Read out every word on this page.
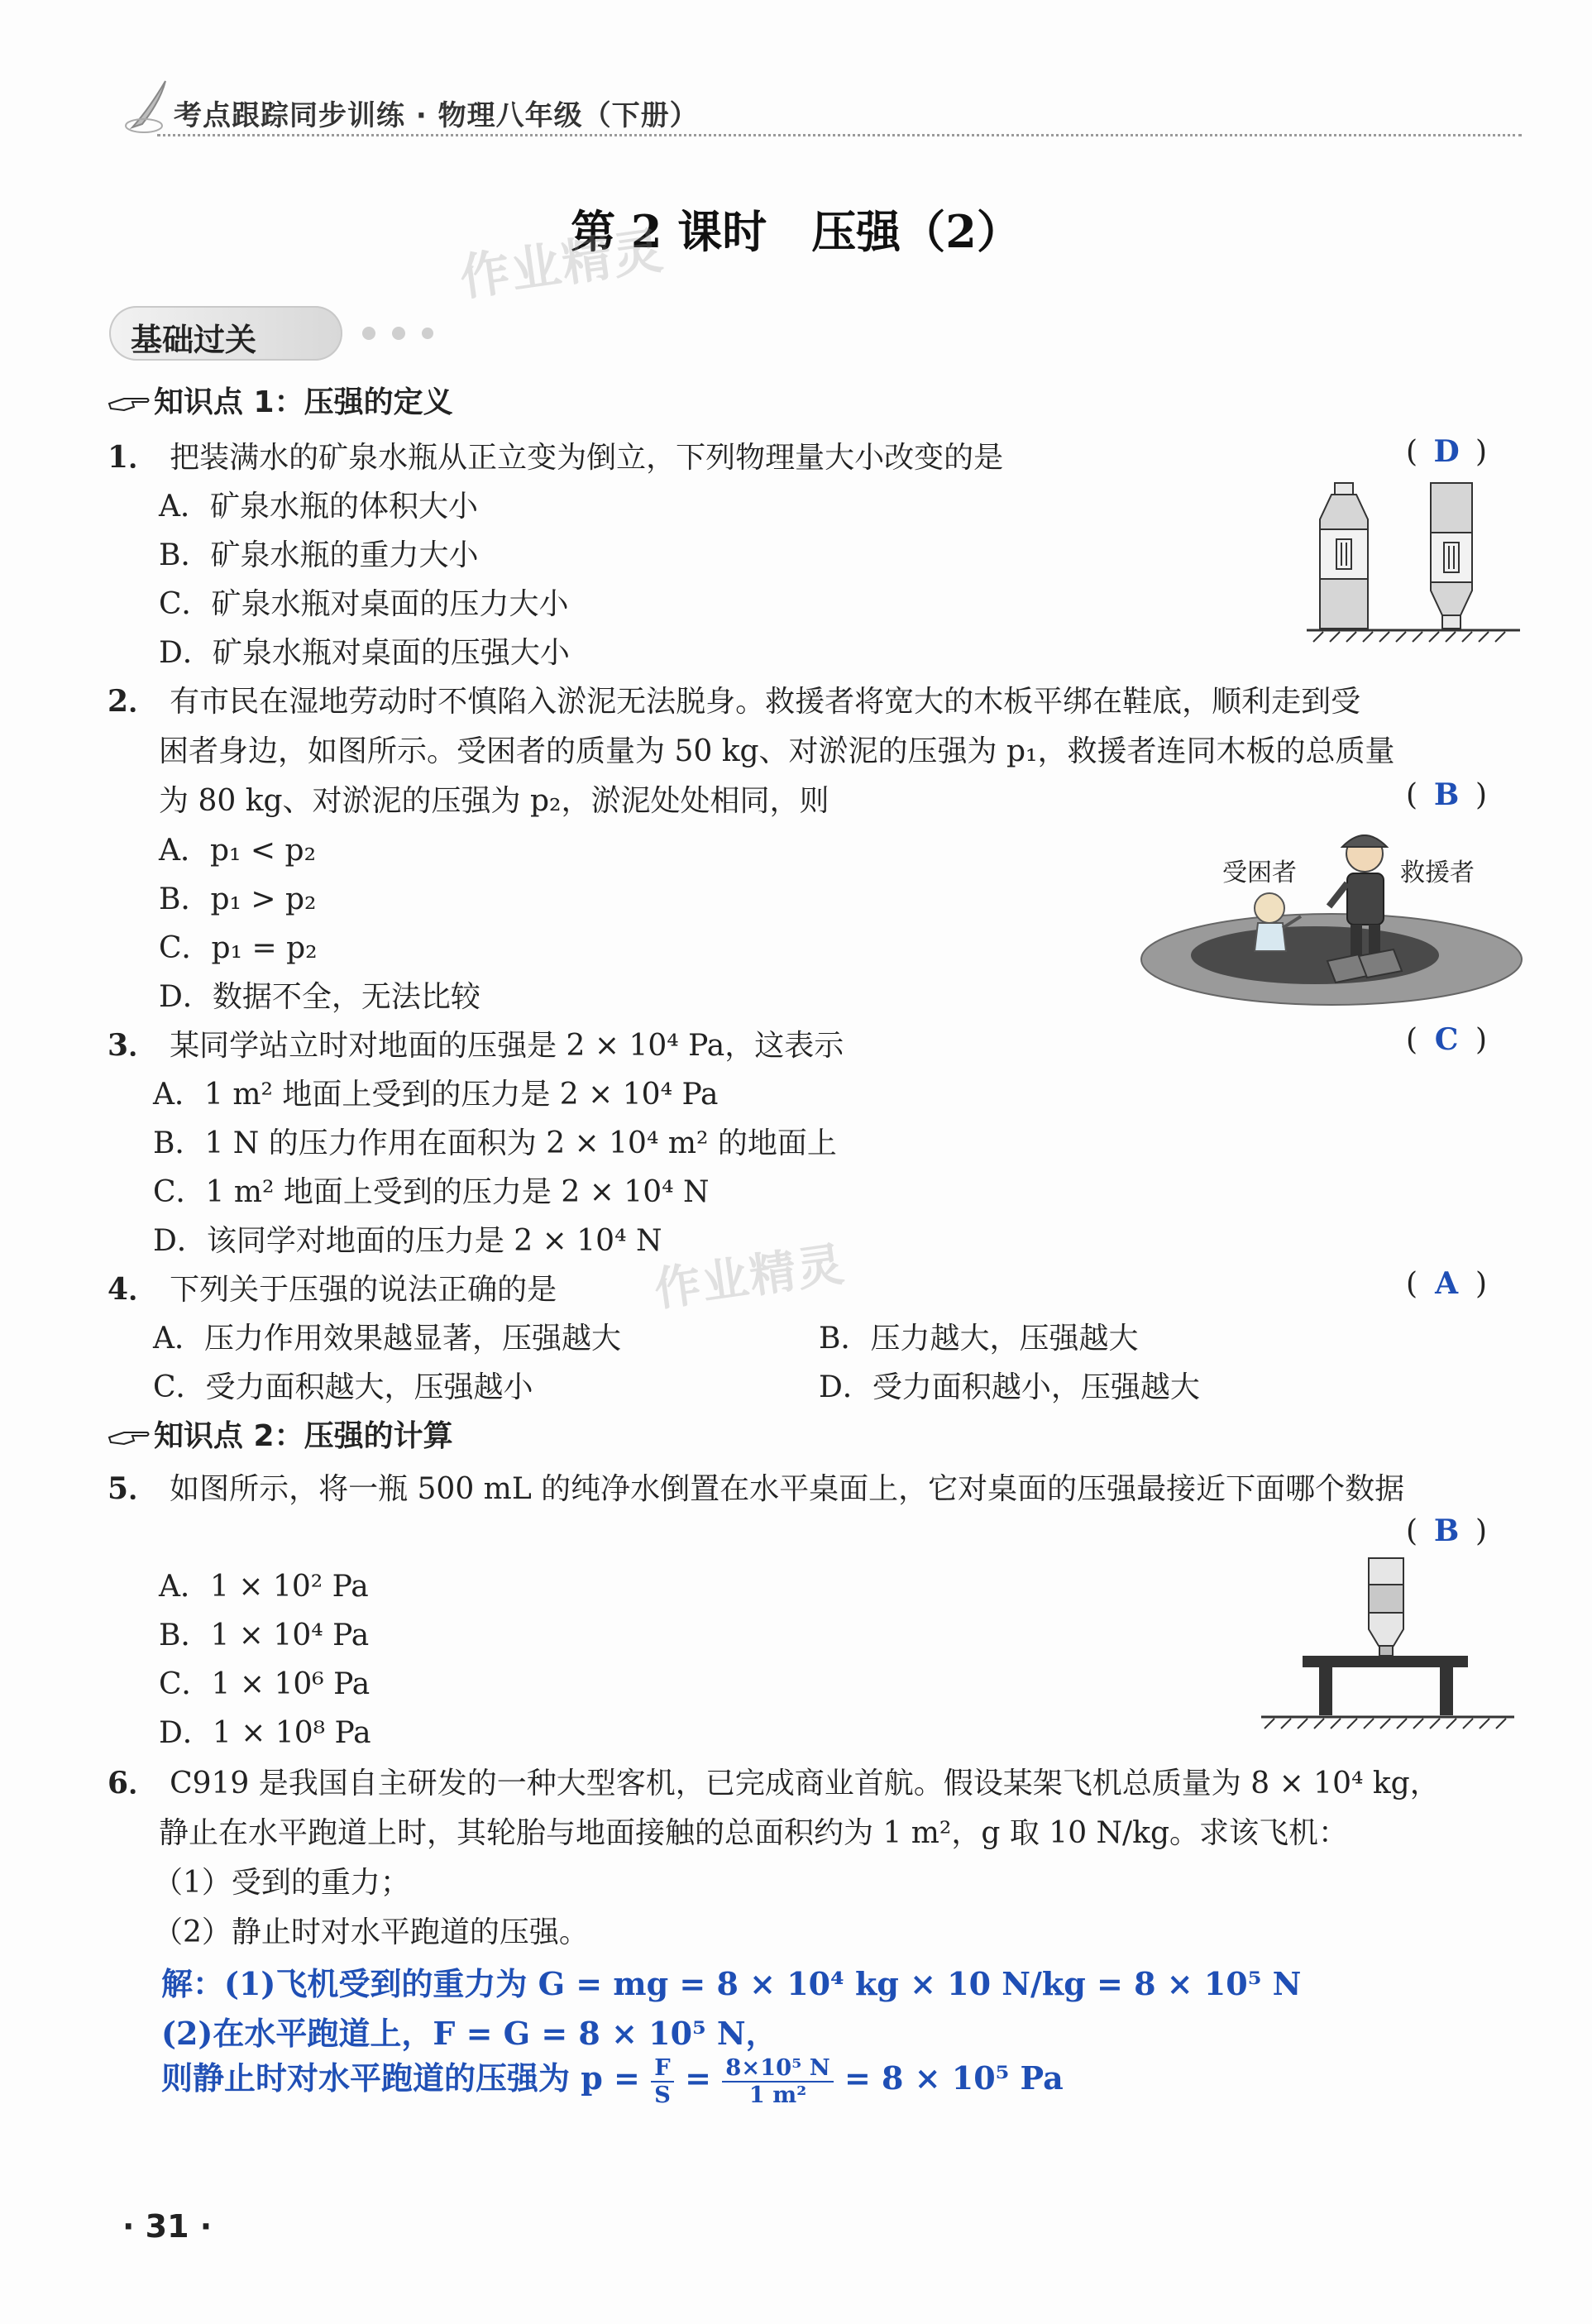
考点跟踪同步训练 · 物理八年级（下册）
第 2 课时　压强（2）
作业精灵
作业精灵
基础过关
知识点 1：压强的定义
1． 把装满水的矿泉水瓶从正立变为倒立，下列物理量大小改变的是	( D )
A．矿泉水瓶的体积大小
B．矿泉水瓶的重力大小
C．矿泉水瓶对桌面的压力大小
D．矿泉水瓶对桌面的压强大小
2． 有市民在湿地劳动时不慎陷入淤泥无法脱身。救援者将宽大的木板平绑在鞋底，顺利走到受
困者身边，如图所示。受困者的质量为 50 kg、对淤泥的压强为 p₁，救援者连同木板的总质量
为 80 kg、对淤泥的压强为 p₂，淤泥处处相同，则	( B )
A．p₁ < p₂
B．p₁ > p₂
C．p₁ = p₂
D．数据不全，无法比较
受困者	救援者
3． 某同学站立时对地面的压强是 2 × 10⁴ Pa，这表示	( C )
A．1 m² 地面上受到的压力是 2 × 10⁴ Pa
B．1 N 的压力作用在面积为 2 × 10⁴ m² 的地面上
C．1 m² 地面上受到的压力是 2 × 10⁴ N
D．该同学对地面的压力是 2 × 10⁴ N
4． 下列关于压强的说法正确的是	( A )
A．压力作用效果越显著，压强越大	B．压力越大，压强越大
C．受力面积越大，压强越小	D．受力面积越小，压强越大
知识点 2：压强的计算
5． 如图所示，将一瓶 500 mL 的纯净水倒置在水平桌面上，它对桌面的压强最接近下面哪个数据
( B )
A．1 × 10² Pa
B．1 × 10⁴ Pa
C．1 × 10⁶ Pa
D．1 × 10⁸ Pa
6． C919 是我国自主研发的一种大型客机，已完成商业首航。假设某架飞机总质量为 8 × 10⁴ kg，
静止在水平跑道上时，其轮胎与地面接触的总面积约为 1 m²，g 取 10 N/kg。求该飞机：
（1）受到的重力；
（2）静止时对水平跑道的压强。
解：(1)飞机受到的重力为 G = mg = 8 × 10⁴ kg × 10 N/kg = 8 × 10⁵ N
(2)在水平跑道上，F = G = 8 × 10⁵ N，
则静止时对水平跑道的压强为 $p = \frac{F}{S} = \frac{\text{8×10⁵ N}}{\text{1 m²}} = 8 \times 10^5$ Pa
· 31 ·
